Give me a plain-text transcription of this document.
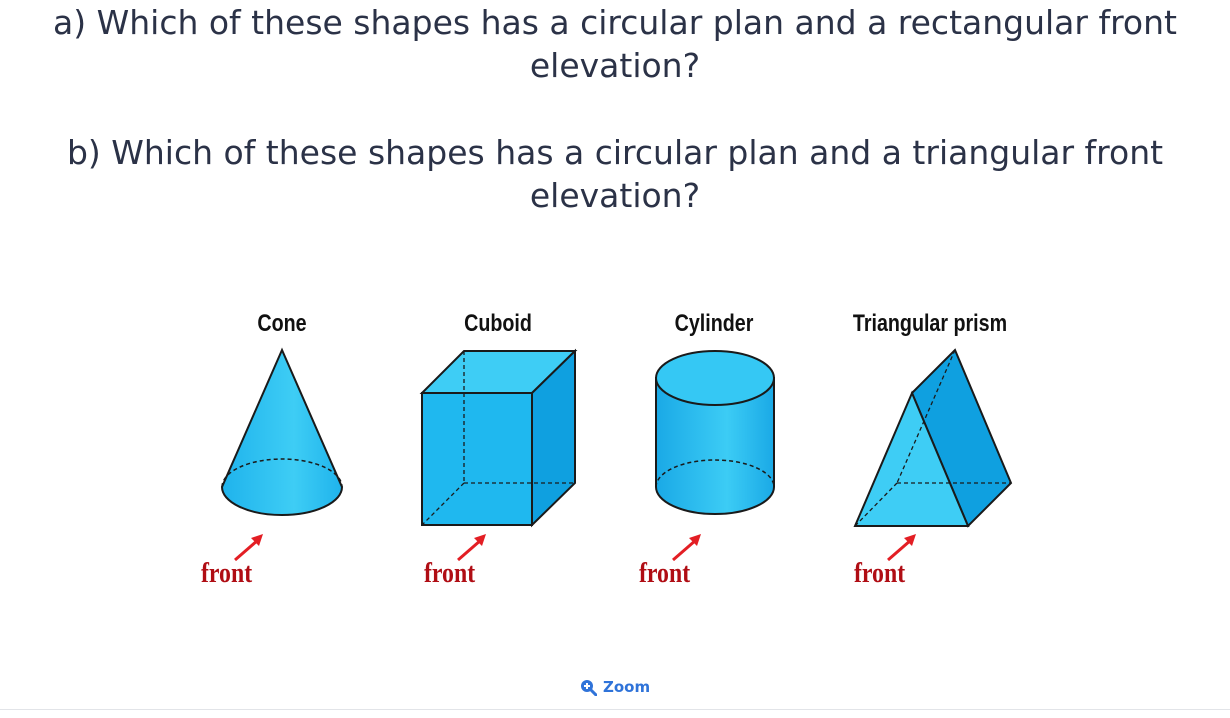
a) Which of these shapes has a circular plan and a rectangular front elevation?

b) Which of these shapes has a circular plan and a triangular front elevation?

Cone	Cuboid	Cylinder	Triangular prism
front	front	front	front
Zoom
